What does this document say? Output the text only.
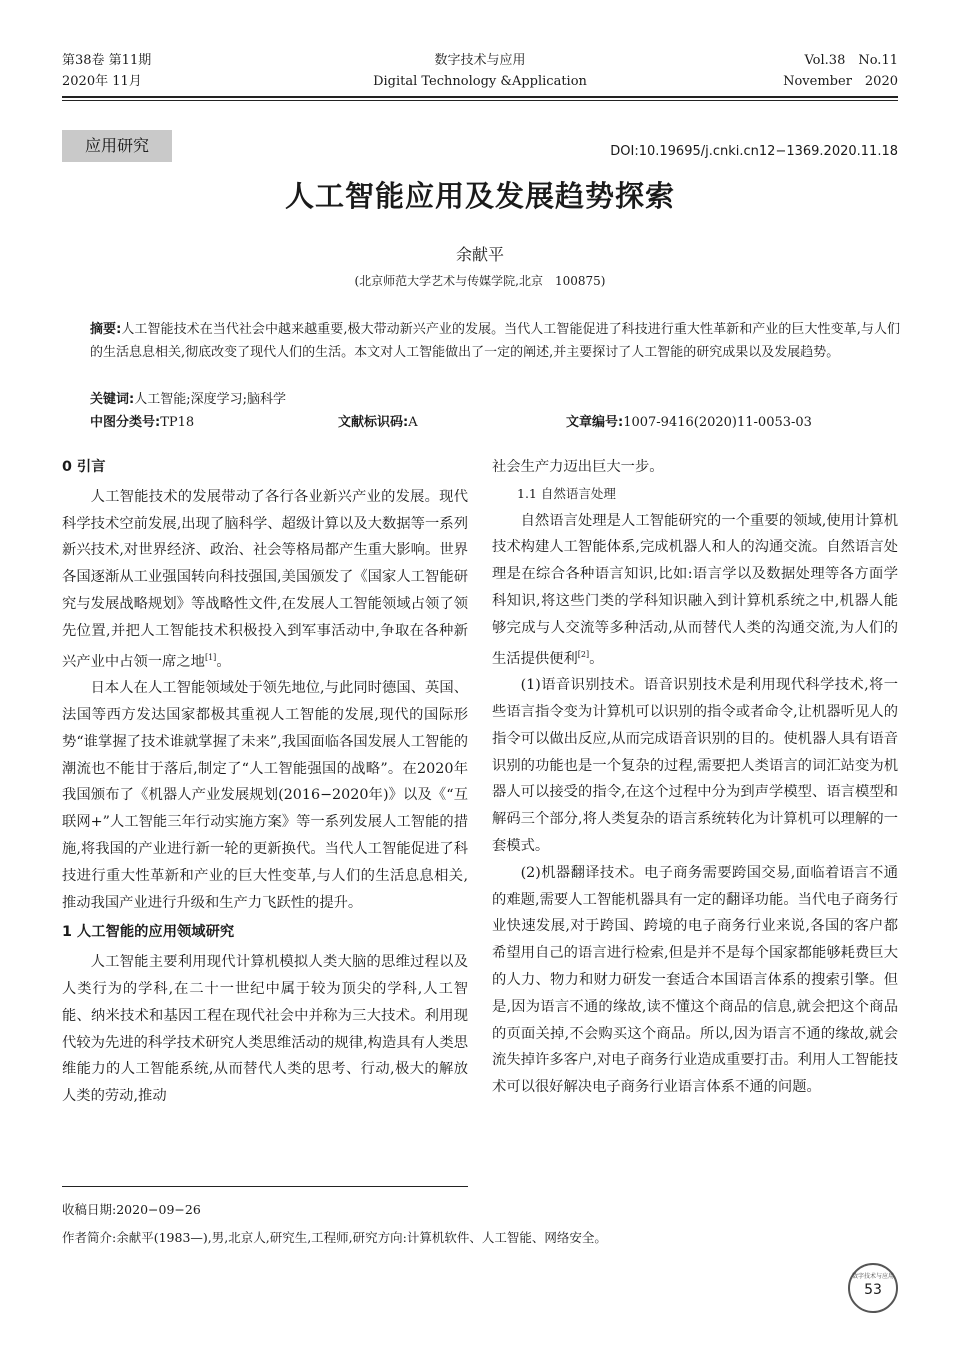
第38卷 第11期
2020年 11月
数字技术与应用
Digital Technology &Application
Vol.38　No.11
November　2020
应用研究	DOI:10.19695/j.cnki.cn12−1369.2020.11.18
人工智能应用及发展趋势探索
余献平
(北京师范大学艺术与传媒学院,北京　100875)
摘要:人工智能技术在当代社会中越来越重要,极大带动新兴产业的发展。当代人工智能促进了科技进行重大性革新和产业的巨大性变革,与人们的生活息息相关,彻底改变了现代人们的生活。本文对人工智能做出了一定的阐述,并主要探讨了人工智能的研究成果以及发展趋势。
关键词:人工智能;深度学习;脑科学
中图分类号:TP18	文献标识码:A	文章编号:1007-9416(2020)11-0053-03
0 引言

人工智能技术的发展带动了各行各业新兴产业的发展。现代科学技术空前发展,出现了脑科学、超级计算以及大数据等一系列新兴技术,对世界经济、政治、社会等格局都产生重大影响。世界各国逐渐从工业强国转向科技强国,美国颁发了《国家人工智能研究与发展战略规划》等战略性文件,在发展人工智能领域占领了领先位置,并把人工智能技术积极投入到军事活动中,争取在各种新兴产业中占领一席之地[1]。

日本人在人工智能领域处于领先地位,与此同时德国、英国、法国等西方发达国家都极其重视人工智能的发展,现代的国际形势“谁掌握了技术谁就掌握了未来”,我国面临各国发展人工智能的潮流也不能甘于落后,制定了“人工智能强国的战略”。在2020年我国颁布了《机器人产业发展规划(2016−2020年)》以及《“互联网+”人工智能三年行动实施方案》等一系列发展人工智能的措施,将我国的产业进行新一轮的更新换代。当代人工智能促进了科技进行重大性革新和产业的巨大性变革,与人们的生活息息相关,推动我国产业进行升级和生产力飞跃性的提升。

1 人工智能的应用领域研究

人工智能主要利用现代计算机模拟人类大脑的思维过程以及人类行为的学科,在二十一世纪中属于较为顶尖的学科,人工智能、纳米技术和基因工程在现代社会中并称为三大技术。利用现代较为先进的科学技术研究人类思维活动的规律,构造具有人类思维能力的人工智能系统,从而替代人类的思考、行动,极大的解放人类的劳动,推动

社会生产力迈出巨大一步。

1.1 自然语言处理

自然语言处理是人工智能研究的一个重要的领域,使用计算机技术构建人工智能体系,完成机器人和人的沟通交流。自然语言处理是在综合各种语言知识,比如:语言学以及数据处理等各方面学科知识,将这些门类的学科知识融入到计算机系统之中,机器人能够完成与人交流等多种活动,从而替代人类的沟通交流,为人们的生活提供便利[2]。

(1)语音识别技术。语音识别技术是利用现代科学技术,将一些语言指令变为计算机可以识别的指令或者命令,让机器听见人的指令可以做出反应,从而完成语音识别的目的。使机器人具有语音识别的功能也是一个复杂的过程,需要把人类语言的词汇站变为机器人可以接受的指令,在这个过程中分为到声学模型、语言模型和解码三个部分,将人类复杂的语言系统转化为计算机可以理解的一套模式。

(2)机器翻译技术。电子商务需要跨国交易,面临着语言不通的难题,需要人工智能机器具有一定的翻译功能。当代电子商务行业快速发展,对于跨国、跨境的电子商务行业来说,各国的客户都希望用自己的语言进行检索,但是并不是每个国家都能够耗费巨大的人力、物力和财力研发一套适合本国语言体系的搜索引擎。但是,因为语言不通的缘故,读不懂这个商品的信息,就会把这个商品的页面关掉,不会购买这个商品。所以,因为语言不通的缘故,就会流失掉许多客户,对电子商务行业造成重要打击。利用人工智能技术可以很好解决电子商务行业语言体系不通的问题。

收稿日期:2020−09−26
作者简介:余献平(1983—),男,北京人,研究生,工程师,研究方向:计算机软件、人工智能、网络安全。
数字技术与应用
53
